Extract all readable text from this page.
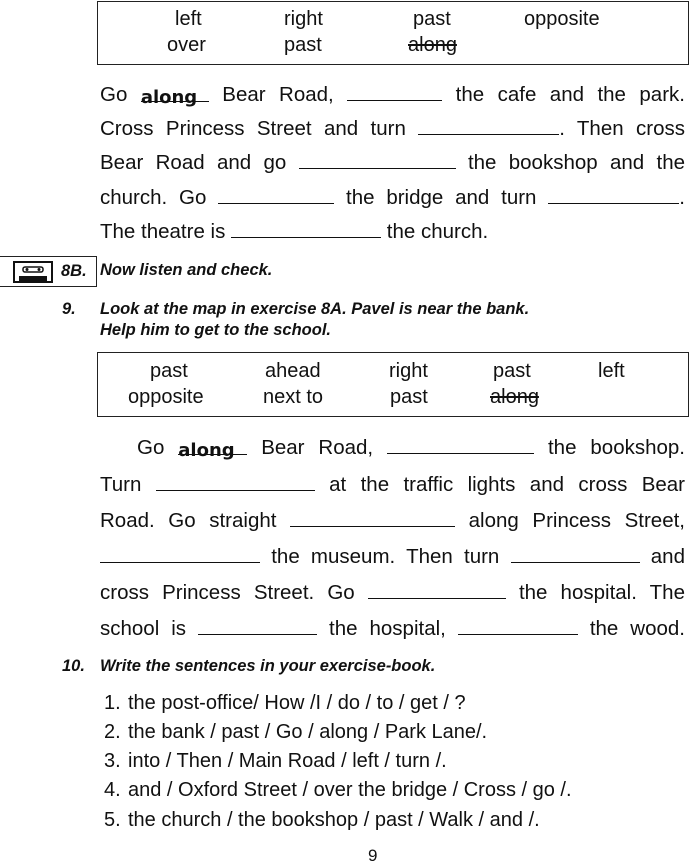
left	right	past	opposite
over	past	along
Go along Bear Road,	the cafe and the park.
Cross Princess Street and turn	. Then cross
Bear Road and go	the bookshop and the
church. Go	the bridge and turn	.
The theatre is	the church.
8B. Now listen and check.
9. Look at the map in exercise 8A. Pavel is near the bank.
Help him to get to the school.
past	ahead	right	past	left
opposite	next to	past	along
Go along Bear Road,	the bookshop.
Turn	at the traffic lights and cross Bear
Road. Go straight	along Princess Street,
the museum. Then turn	and
cross Princess Street. Go	the hospital. The
school is	the hospital,	the wood.
10. Write the sentences in your exercise-book.
1. the post-office/ How /I / do / to / get / ?
2. the bank / past / Go / along / Park Lane/.
3. into / Then / Main Road / left / turn /.
4. and / Oxford Street / over the bridge / Cross / go /.
5. the church / the bookshop / past / Walk / and /.
9
